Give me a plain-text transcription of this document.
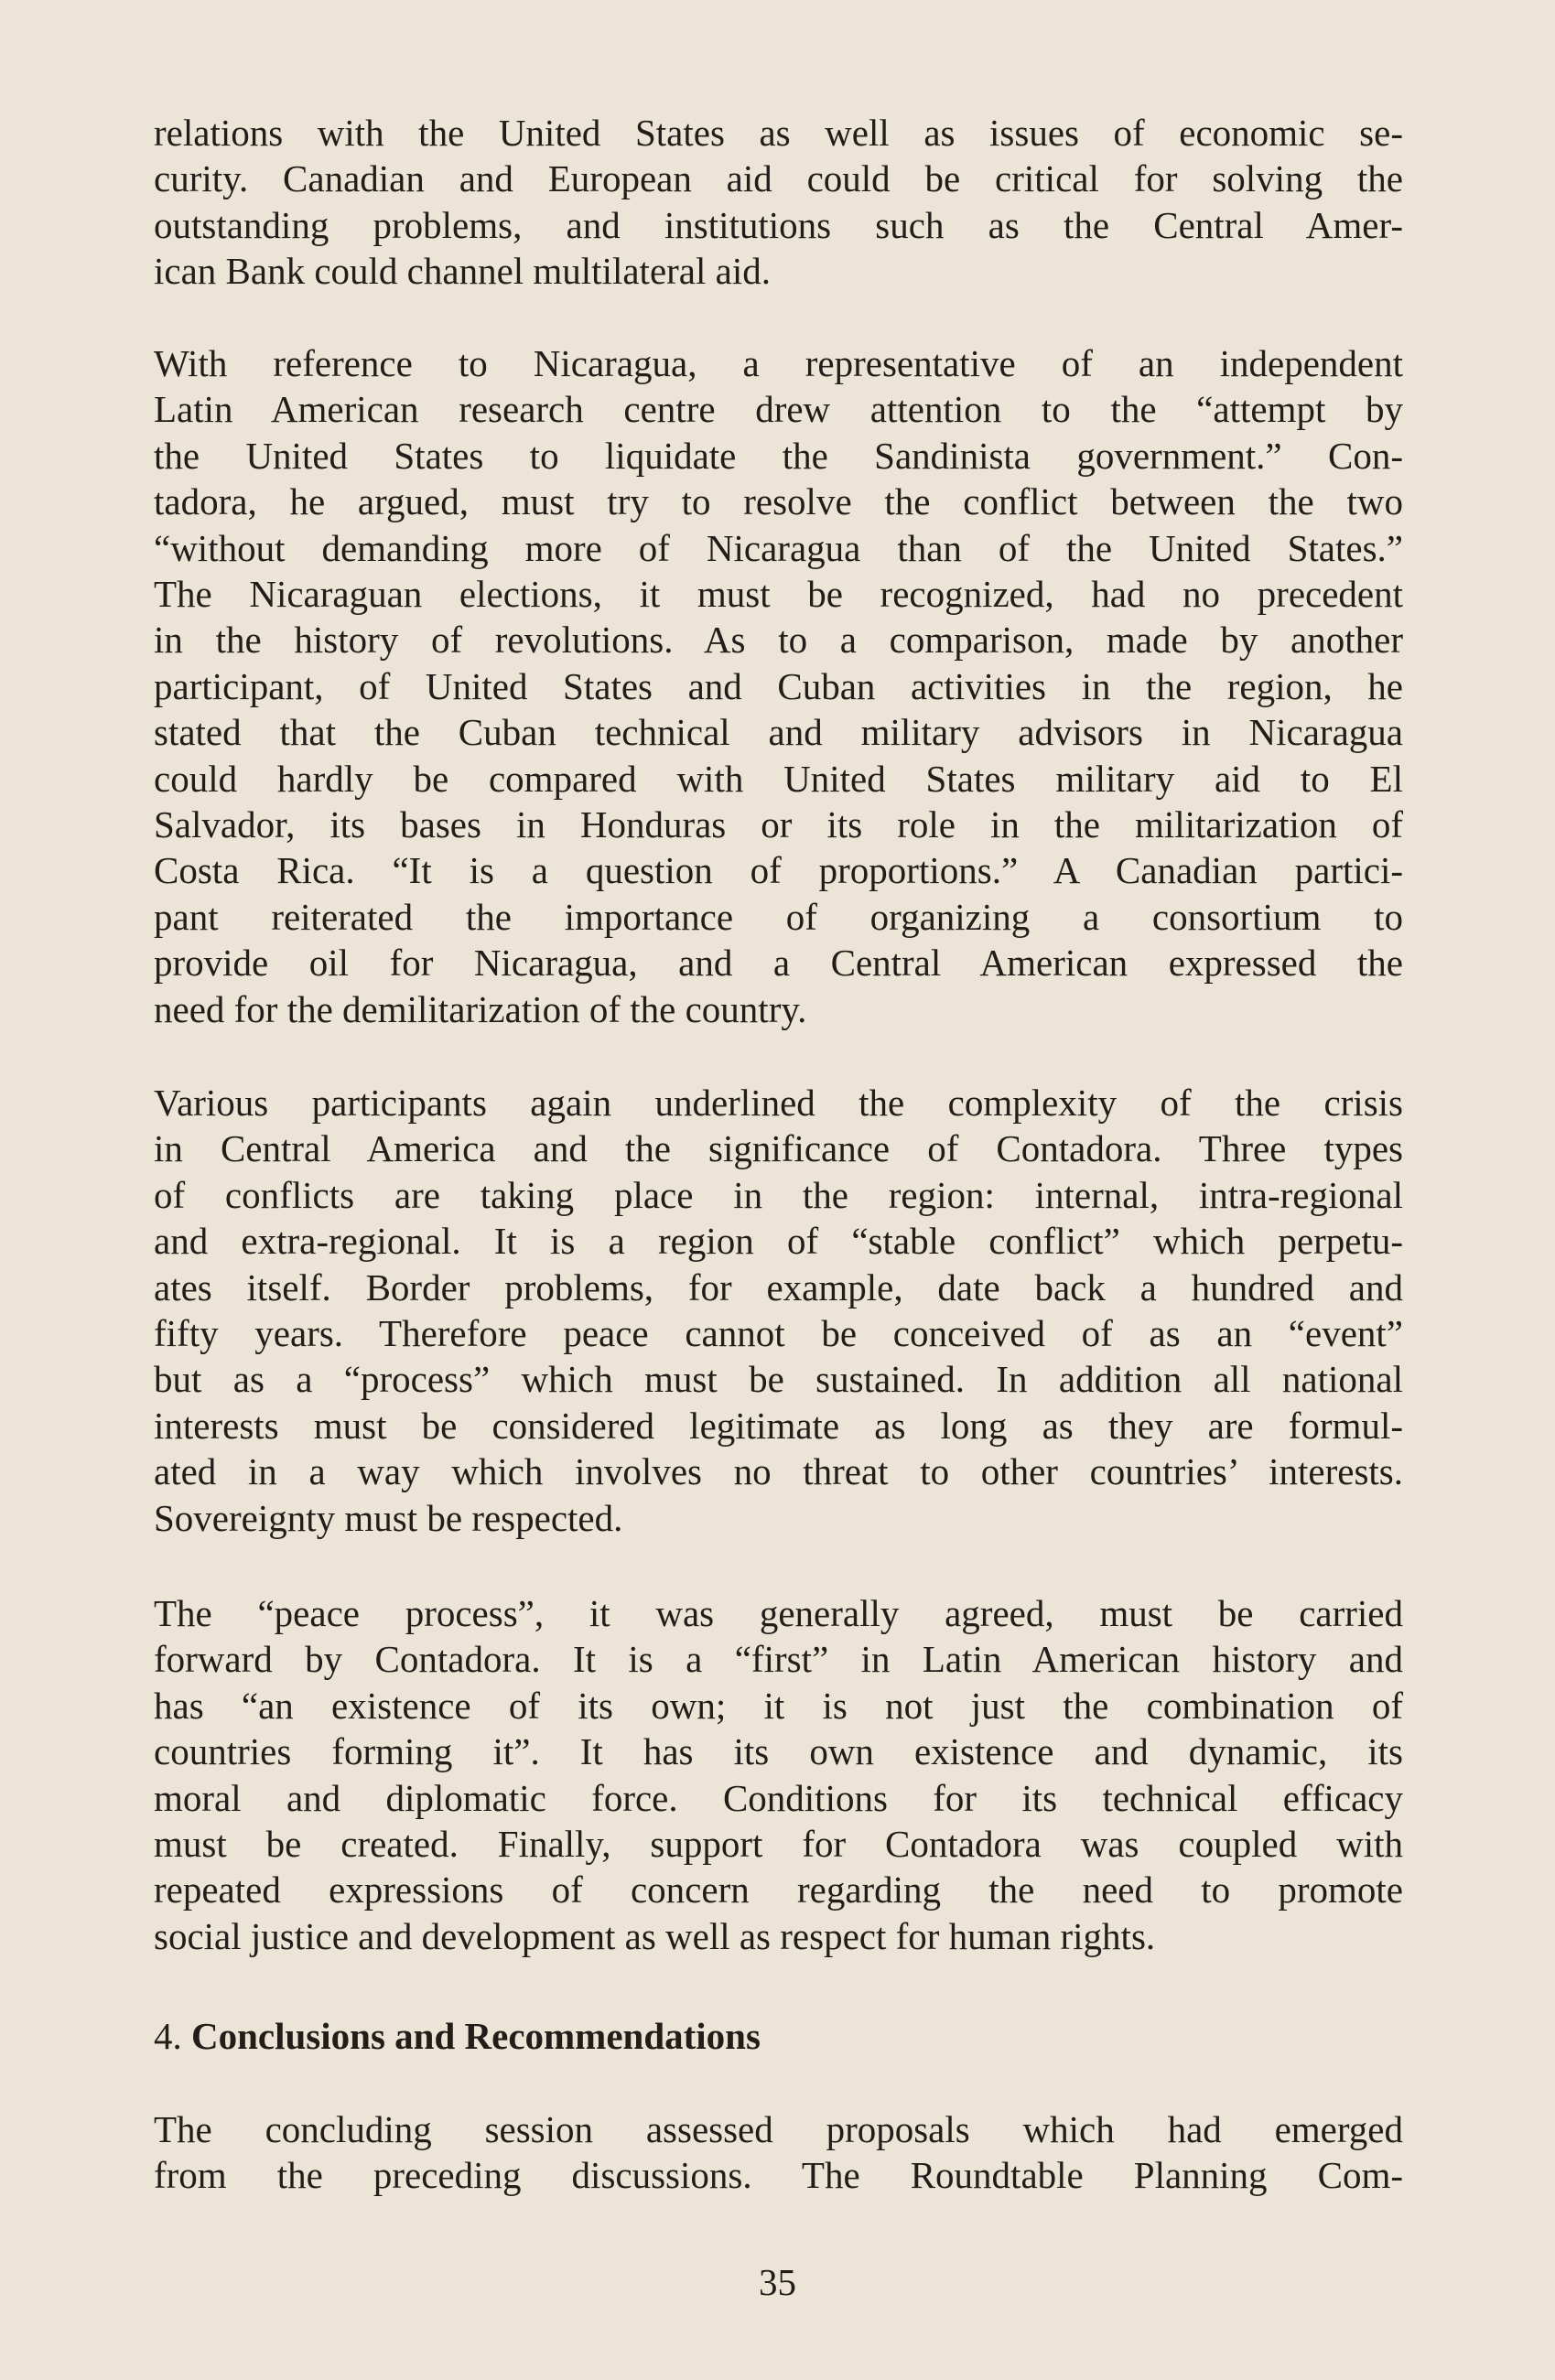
relations with the United States as well as issues of economic se-
curity. Canadian and European aid could be critical for solving the
outstanding problems, and institutions such as the Central Amer-
ican Bank could channel multilateral aid.
With reference to Nicaragua, a representative of an independent
Latin American research centre drew attention to the “attempt by
the United States to liquidate the Sandinista government.” Con-
tadora, he argued, must try to resolve the conflict between the two
“without demanding more of Nicaragua than of the United States.”
The Nicaraguan elections, it must be recognized, had no precedent
in the history of revolutions. As to a comparison, made by another
participant, of United States and Cuban activities in the region, he
stated that the Cuban technical and military advisors in Nicaragua
could hardly be compared with United States military aid to El
Salvador, its bases in Honduras or its role in the militarization of
Costa Rica. “It is a question of proportions.” A Canadian partici-
pant reiterated the importance of organizing a consortium to
provide oil for Nicaragua, and a Central American expressed the
need for the demilitarization of the country.
Various participants again underlined the complexity of the crisis
in Central America and the significance of Contadora. Three types
of conflicts are taking place in the region: internal, intra-regional
and extra-regional. It is a region of “stable conflict” which perpetu-
ates itself. Border problems, for example, date back a hundred and
fifty years. Therefore peace cannot be conceived of as an “event”
but as a “process” which must be sustained. In addition all national
interests must be considered legitimate as long as they are formul-
ated in a way which involves no threat to other countries’ interests.
Sovereignty must be respected.
The “peace process”, it was generally agreed, must be carried
forward by Contadora. It is a “first” in Latin American history and
has “an existence of its own; it is not just the combination of
countries forming it”. It has its own existence and dynamic, its
moral and diplomatic force. Conditions for its technical efficacy
must be created. Finally, support for Contadora was coupled with
repeated expressions of concern regarding the need to promote
social justice and development as well as respect for human rights.
4. Conclusions and Recommendations
The concluding session assessed proposals which had emerged
from the preceding discussions. The Roundtable Planning Com-
35
